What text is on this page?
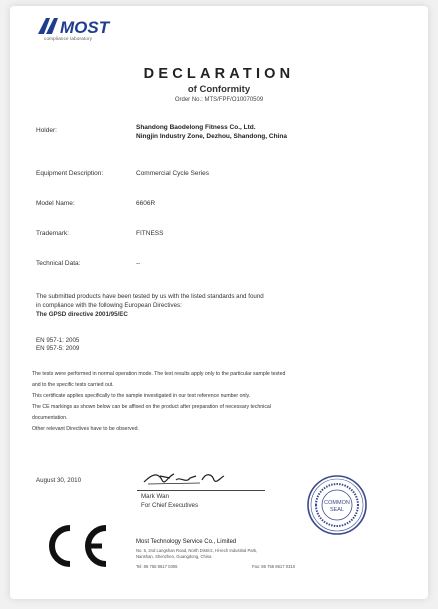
MOST
compliance laboratory
DECLARATION
of Conformity
Order No.: MTS/FPF/O10070509
Holder:	Shandong Baodelong Fitness Co., Ltd.
Ningjin Industry Zone, Dezhou, Shandong, China
Equipment Description:	Commercial Cycle Series
Model Name:	6606R
Trademark:	FITNESS
Technical Data:	--
The submitted products have been tested by us with the listed standards and found
in compliance with the following European Directives:
The GPSD directive 2001/95/EC
EN 957-1: 2005
EN 957-5: 2009
The tests were performed in normal operation mode. The test results apply only to the particular sample tested
and to the specific tests carried out.
This certificate applies specifically to the sample investigated in our test reference number only.
The CE markings as shown below can be affixed on the product after preparation of necessary technical
documentation.
Other relevant Directives have to be observed.
August 30, 2010
Mark Wan
For Chief Executives	COMMON
SEAL
Most Technology Service Co., Limited
No. 5, 2nd Langshan Road, North District, Hi-tech Industrial Park,
Nanshan, Shenzhen, Guangdong, China
Tel: 86 755 8617 0306	Fax: 86 755 8617 0310
